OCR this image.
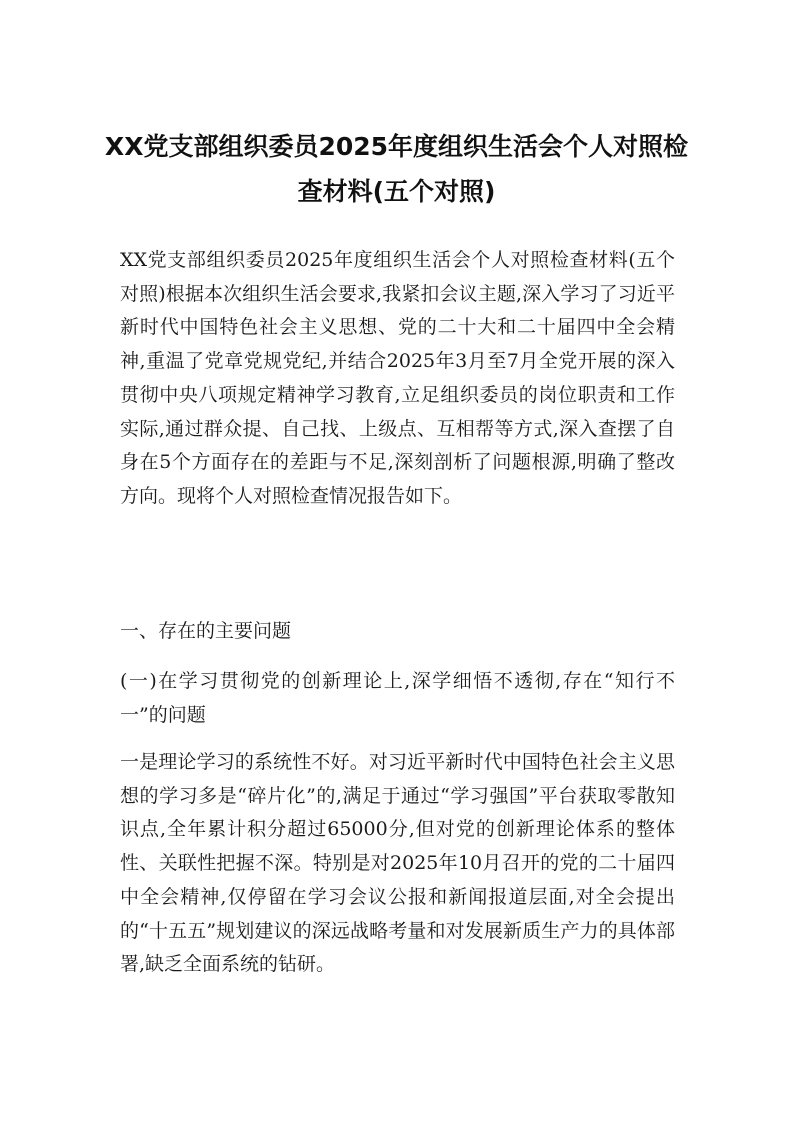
XX党支部组织委员2025年度组织生活会个人对照检查材料(五个对照)

XX党支部组织委员2025年度组织生活会个人对照检查材料(五个对照)根据本次组织生活会要求,我紧扣会议主题,深入学习了习近平新时代中国特色社会主义思想、党的二十大和二十届四中全会精神,重温了党章党规党纪,并结合2025年3月至7月全党开展的深入贯彻中央八项规定精神学习教育,立足组织委员的岗位职责和工作实际,通过群众提、自己找、上级点、互相帮等方式,深入查摆了自身在5个方面存在的差距与不足,深刻剖析了问题根源,明确了整改方向。现将个人对照检查情况报告如下。

一、存在的主要问题

(一)在学习贯彻党的创新理论上,深学细悟不透彻,存在“知行不一”的问题

一是理论学习的系统性不好。对习近平新时代中国特色社会主义思想的学习多是“碎片化”的,满足于通过“学习强国”平台获取零散知识点,全年累计积分超过65000分,但对党的创新理论体系的整体性、关联性把握不深。特别是对2025年10月召开的党的二十届四中全会精神,仅停留在学习会议公报和新闻报道层面,对全会提出的“十五五”规划建议的深远战略考量和对发展新质生产力的具体部署,缺乏全面系统的钻研。
